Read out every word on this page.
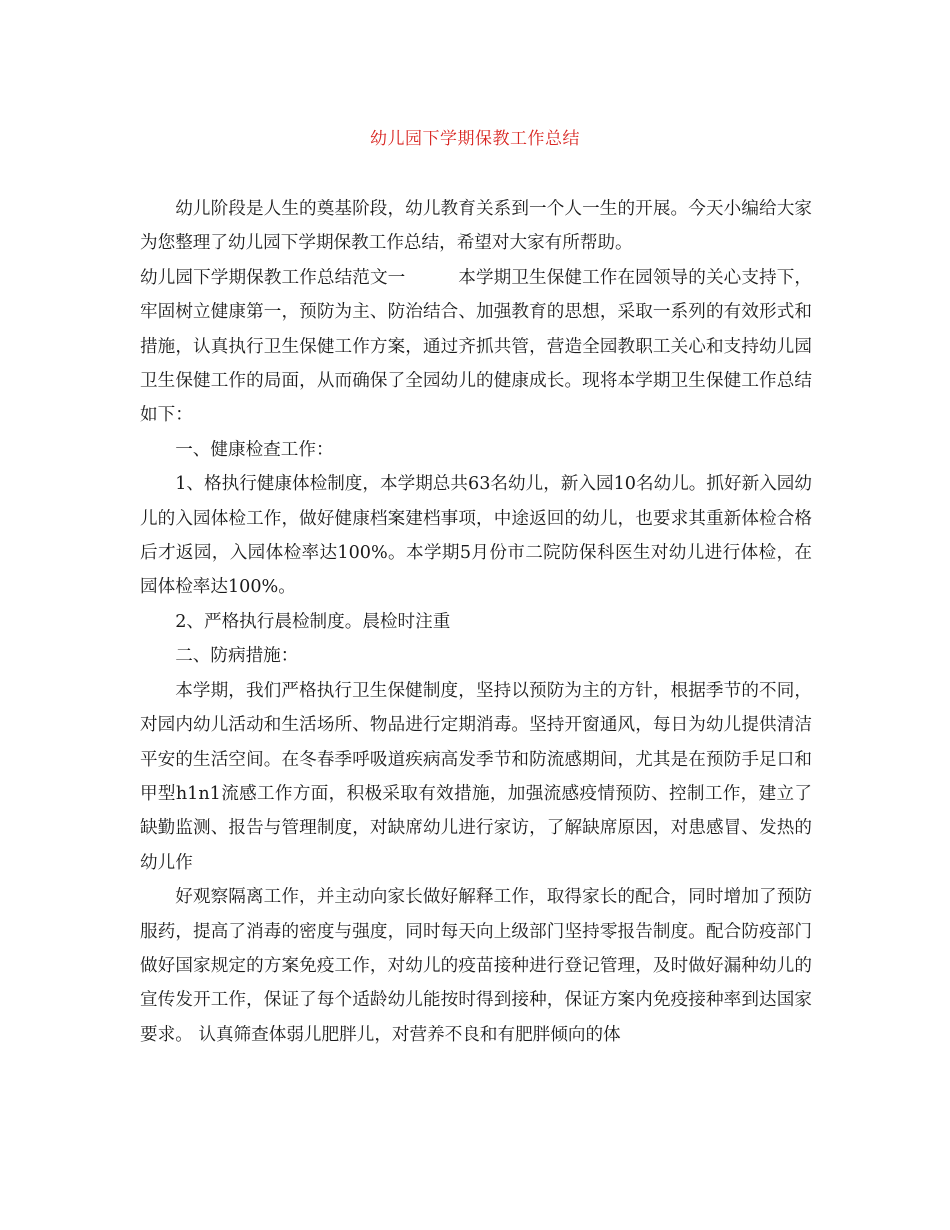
幼儿园下学期保教工作总结

幼儿阶段是人生的奠基阶段，幼儿教育关系到一个人一生的开展。今天小编给大家为您整理了幼儿园下学期保教工作总结，希望对大家有所帮助。

幼儿园下学期保教工作总结范文一	本学期卫生保健工作在园领导的关心支持下，牢固树立健康第一，预防为主、防治结合、加强教育的思想，采取一系列的有效形式和措施，认真执行卫生保健工作方案，通过齐抓共管，营造全园教职工关心和支持幼儿园卫生保健工作的局面，从而确保了全园幼儿的健康成长。现将本学期卫生保健工作总结如下：

一、健康检查工作：

1、格执行健康体检制度，本学期总共63名幼儿，新入园10名幼儿。抓好新入园幼儿的入园体检工作，做好健康档案建档事项，中途返回的幼儿，也要求其重新体检合格后才返园，入园体检率达100%。本学期5月份市二院防保科医生对幼儿进行体检，在园体检率达100%。

2、严格执行晨检制度。晨检时注重

二、防病措施：

本学期，我们严格执行卫生保健制度，坚持以预防为主的方针，根据季节的不同，对园内幼儿活动和生活场所、物品进行定期消毒。坚持开窗通风，每日为幼儿提供清洁平安的生活空间。在冬春季呼吸道疾病高发季节和防流感期间，尤其是在预防手足口和甲型h1n1流感工作方面，积极采取有效措施，加强流感疫情预防、控制工作，建立了缺勤监测、报告与管理制度，对缺席幼儿进行家访，了解缺席原因，对患感冒、发热的幼儿作

好观察隔离工作，并主动向家长做好解释工作，取得家长的配合，同时增加了预防服药，提高了消毒的密度与强度，同时每天向上级部门坚持零报告制度。配合防疫部门做好国家规定的方案免疫工作，对幼儿的疫苗接种进行登记管理，及时做好漏种幼儿的宣传发开工作，保证了每个适龄幼儿能按时得到接种，保证方案内免疫接种率到达国家要求。 认真筛查体弱儿肥胖儿，对营养不良和有肥胖倾向的体
